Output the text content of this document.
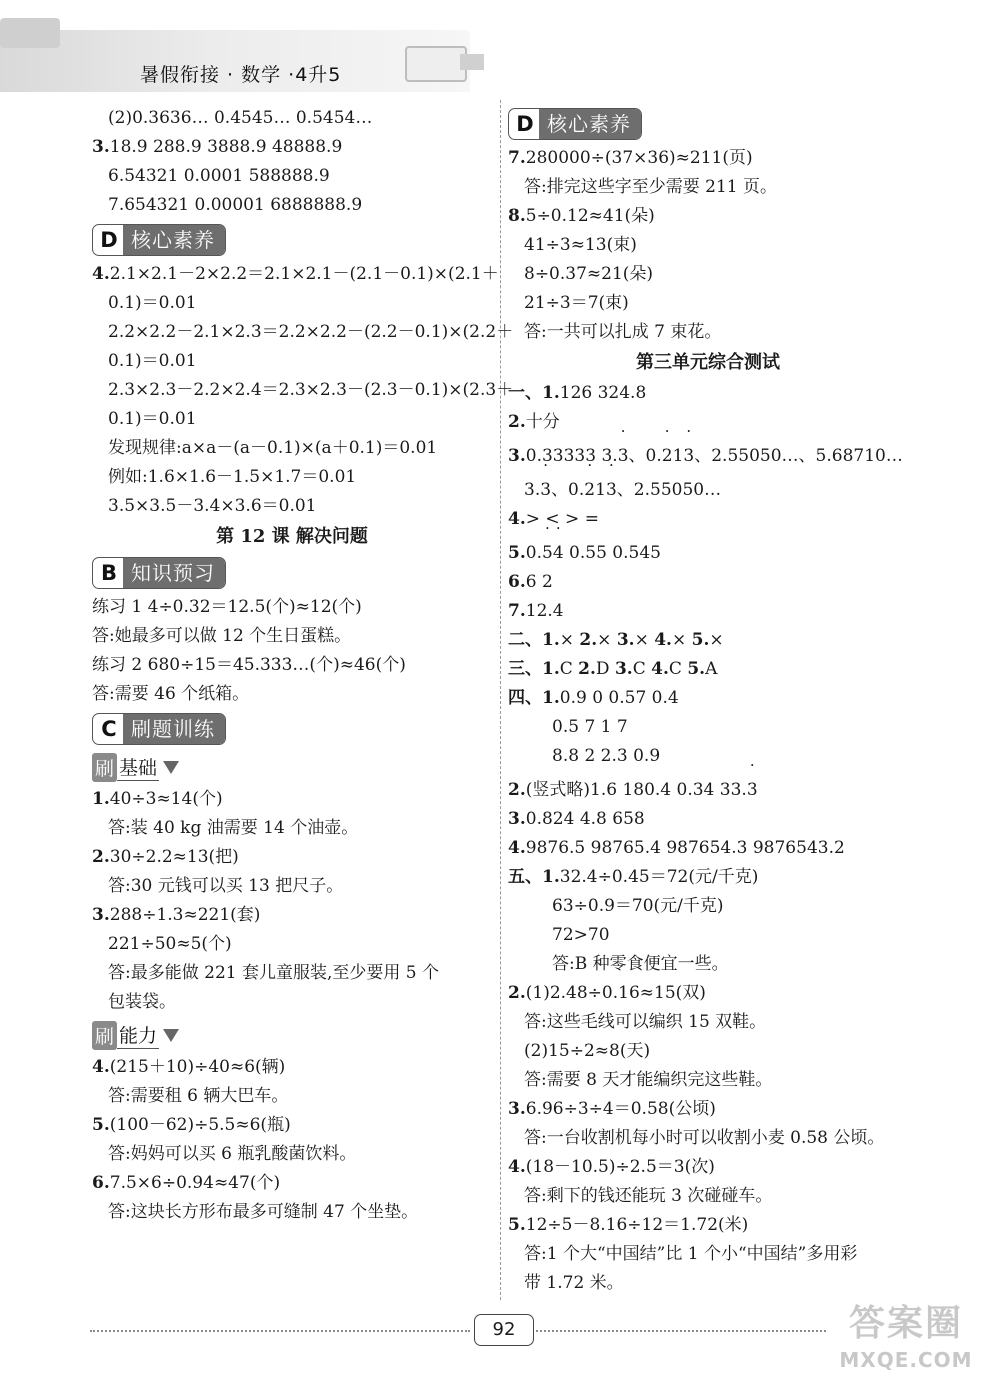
暑假衔接 · 数学 ·4升5
(2)0.3636… 0.4545… 0.5454…
3.18.9 288.9 3888.9 48888.9
6.54321 0.0001 588888.9
7.654321 0.00001 6888888.9
D 核心素养
4.2.1×2.1－2×2.2＝2.1×2.1－(2.1－0.1)×(2.1＋
0.1)＝0.01
2.2×2.2－2.1×2.3＝2.2×2.2－(2.2－0.1)×(2.2＋
0.1)＝0.01
2.3×2.3－2.2×2.4＝2.3×2.3－(2.3－0.1)×(2.3＋
0.1)＝0.01
发现规律:a×a－(a－0.1)×(a＋0.1)＝0.01
例如:1.6×1.6－1.5×1.7＝0.01
3.5×3.5－3.4×3.6＝0.01
第 12 课 解决问题
B 知识预习
练习 1 4÷0.32＝12.5(个)≈12(个)
答:她最多可以做 12 个生日蛋糕。
练习 2 680÷15＝45.333…(个)≈46(个)
答:需要 46 个纸箱。
C 刷题训练
刷 基础
1.40÷3≈14(个)
答:装 40 kg 油需要 14 个油壶。
2.30÷2.2≈13(把)
答:30 元钱可以买 13 把尺子。
3.288÷1.3≈221(套)
221÷50≈5(个)
答:最多能做 221 套儿童服装,至少要用 5 个
包装袋。
刷 能力
4.(215＋10)÷40≈6(辆)
答:需要租 6 辆大巴车。
5.(100－62)÷5.5≈6(瓶)
答:妈妈可以买 6 瓶乳酸菌饮料。
6.7.5×6÷0.94≈47(个)
答:这块长方形布最多可缝制 47 个坐垫。
D 核心素养
7.280000÷(37×36)≈211(页)
答:排完这些字至少需要 211 页。
8.5÷0.12≈41(朵)
41÷3≈13(束)
8÷0.37≈21(朵)
21÷3＝7(束)
答:一共可以扎成 7 束花。
第三单元综合测试
一、1.126 324.8
2.十分
3.0.33333 3.· 3、0.· 21· 3、2.55050…、5.68710…
3.· 3、0.· 21· 3、2.55050…
4.> < > =
5.0.· 5· 4 0.55 0.545
6.6 2
7.12.4
二、1.× 2.× 3.× 4.× 5.×
三、1.C 2.D 3.C 4.C 5.A
四、1.0.9 0 0.57 0.4
0.5 7 1 7
8.8 2 2.3 0.9
2.(竖式略)1.6 180.4 0.34 33.· 3
3.0.824 4.8 658
4.9876.5 98765.4 987654.3 9876543.2
五、1.32.4÷0.45＝72(元/千克)
63÷0.9＝70(元/千克)
72>70
答:B 种零食便宜一些。
2.(1)2.48÷0.16≈15(双)
答:这些毛线可以编织 15 双鞋。
(2)15÷2≈8(天)
答:需要 8 天才能编织完这些鞋。
3.6.96÷3÷4＝0.58(公顷)
答:一台收割机每小时可以收割小麦 0.58 公顷。
4.(18－10.5)÷2.5＝3(次)
答:剩下的钱还能玩 3 次碰碰车。
5.12÷5－8.16÷12＝1.72(米)
答:1 个大“中国结”比 1 个小“中国结”多用彩
带 1.72 米。
92	答案圈
MXQE.COM
